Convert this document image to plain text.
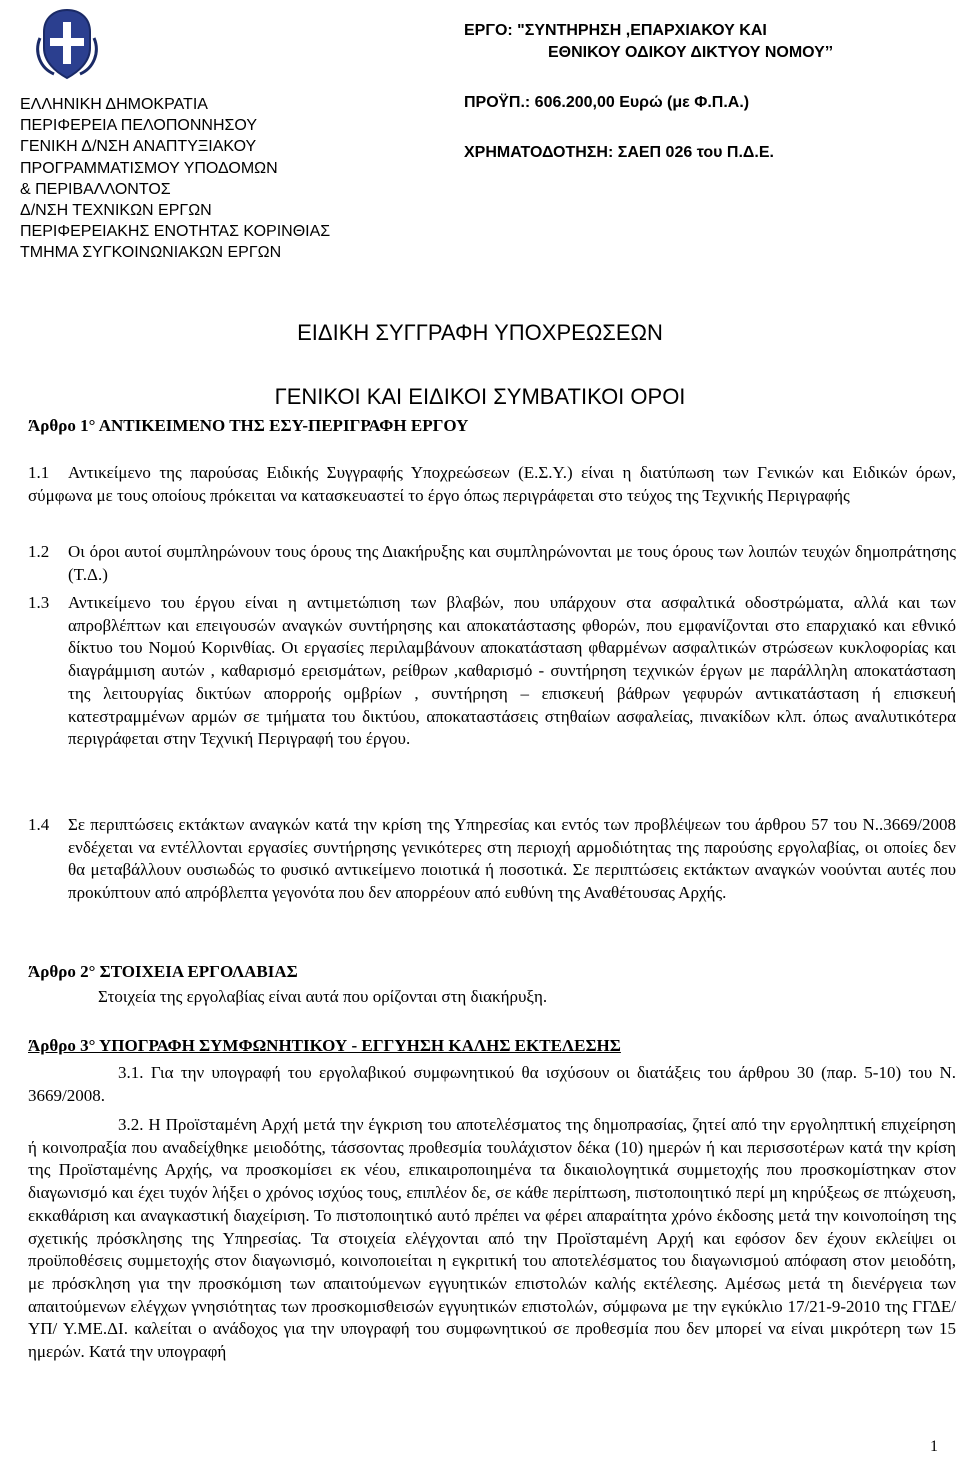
ΕΛΛΗΝΙΚΗ ΔΗΜΟΚΡΑΤΙΑ
ΠΕΡΙΦΕΡΕΙΑ ΠΕΛΟΠΟΝΝΗΣΟΥ
ΓΕΝΙΚΗ Δ/ΝΣΗ ΑΝΑΠΤΥΞΙΑΚΟΥ
ΠΡΟΓΡΑΜΜΑΤΙΣΜΟΥ ΥΠΟΔΟΜΩΝ
& ΠΕΡΙΒΑΛΛΟΝΤΟΣ
Δ/ΝΣΗ ΤΕΧΝΙΚΩΝ ΕΡΓΩΝ
ΠΕΡΙΦΕΡΕΙΑΚΗΣ ΕΝΟΤΗΤΑΣ ΚΟΡΙΝΘΙΑΣ
ΤΜΗΜΑ ΣΥΓΚΟΙΝΩΝΙΑΚΩΝ ΕΡΓΩΝ
ΕΡΓΟ: "ΣΥΝΤΗΡΗΣΗ ,ΕΠΑΡΧΙΑΚΟΥ ΚΑΙ
ΕΘΝΙΚΟΥ ΟΔΙΚΟΥ ΔΙΚΤΥΟΥ ΝΟΜΟΥ’’
ΠΡΟΫΠ.: 606.200,00 Ευρώ (με Φ.Π.Α.)
ΧΡΗΜΑΤΟΔΟΤΗΣΗ: ΣΑΕΠ 026 του Π.Δ.Ε.
ΕΙΔΙΚΗ ΣΥΓΓΡΑΦΗ ΥΠΟΧΡΕΩΣΕΩΝ
ΓΕΝΙΚΟΙ ΚΑΙ ΕΙΔΙΚΟΙ ΣΥΜΒΑΤΙΚΟΙ ΟΡΟΙ
Άρθρο 1° ΑΝΤΙΚΕΙΜΕΝΟ ΤΗΣ ΕΣΥ-ΠΕΡΙΓΡΑΦΗ ΕΡΓΟΥ
1.1	Αντικείμενο της παρούσας Ειδικής Συγγραφής Υποχρεώσεων (Ε.Σ.Υ.) είναι η διατύπωση των Γενικών και Ειδικών όρων, σύμφωνα με τους οποίους πρόκειται να κατασκευαστεί το έργο όπως περιγράφεται στο τεύχος της Τεχνικής Περιγραφής
1.2 Οι όροι αυτοί συμπληρώνουν τους όρους της Διακήρυξης και συμπληρώνονται με τους όρους των λοιπών τευχών δημοπράτησης (Τ.Δ.)
1.3 Αντικείμενο του έργου είναι η αντιμετώπιση των βλαβών, που υπάρχουν στα ασφαλτικά οδοστρώματα, αλλά και των απροβλέπτων και επειγουσών αναγκών συντήρησης και αποκατάστασης φθορών, που εμφανίζονται στο επαρχιακό και εθνικό δίκτυο του Νομού Κορινθίας. Οι εργασίες περιλαμβάνουν αποκατάσταση φθαρμένων ασφαλτικών στρώσεων κυκλοφορίας και διαγράμμιση αυτών , καθαρισμό ερεισμάτων, ρείθρων ,καθαρισμό - συντήρηση τεχνικών έργων με παράλληλη αποκατάσταση της λειτουργίας δικτύων απορροής ομβρίων , συντήρηση – επισκευή βάθρων γεφυρών αντικατάσταση ή επισκευή κατεστραμμένων αρμών σε τμήματα του δικτύου, αποκαταστάσεις στηθαίων ασφαλείας, πινακίδων κλπ. όπως αναλυτικότερα περιγράφεται στην Τεχνική Περιγραφή του έργου.
1.4 Σε περιπτώσεις εκτάκτων αναγκών κατά την κρίση της Υπηρεσίας και εντός των προβλέψεων του άρθρου 57 του Ν..3669/2008 ενδέχεται να εντέλλονται εργασίες συντήρησης γενικότερες στη περιοχή αρμοδιότητας της παρούσης εργολαβίας, οι οποίες δεν θα μεταβάλλουν ουσιωδώς το φυσικό αντικείμενο ποιοτικά ή ποσοτικά. Σε περιπτώσεις εκτάκτων αναγκών νοούνται αυτές που προκύπτουν από απρόβλεπτα γεγονότα που δεν απορρέουν από ευθύνη της Αναθέτουσας Αρχής.
Άρθρο 2° ΣΤΟΙΧΕΙΑ ΕΡΓΟΛΑΒΙΑΣ
Στοιχεία της εργολαβίας είναι αυτά που ορίζονται στη διακήρυξη.
Άρθρο 3° ΥΠΟΓΡΑΦΗ ΣΥΜΦΩΝΗΤΙΚΟΥ - ΕΓΓΥΗΣΗ ΚΑΛΗΣ ΕΚΤΕΛΕΣΗΣ
3.1. Για την υπογραφή του εργολαβικού συμφωνητικού θα ισχύσουν οι διατάξεις του άρθρου 30 (παρ. 5-10) του Ν. 3669/2008.
3.2. Η Προϊσταμένη Αρχή μετά την έγκριση του αποτελέσματος της δημοπρασίας, ζητεί από την εργοληπτική επιχείρηση ή κοινοπραξία που αναδείχθηκε μειοδότης, τάσσοντας προθεσμία τουλάχιστον δέκα (10) ημερών ή και περισσοτέρων κατά την κρίση της Προϊσταμένης Αρχής, να προσκομίσει εκ νέου, επικαιροποιημένα τα δικαιολογητικά συμμετοχής που προσκομίστηκαν στον διαγωνισμό και έχει τυχόν λήξει ο χρόνος ισχύος τους, επιπλέον δε, σε κάθε περίπτωση, πιστοποιητικό περί μη κηρύξεως σε πτώχευση, εκκαθάριση και αναγκαστική διαχείριση. Το πιστοποιητικό αυτό πρέπει να φέρει απαραίτητα χρόνο έκδοσης μετά την κοινοποίηση της σχετικής πρόσκλησης της Υπηρεσίας. Τα στοιχεία ελέγχονται από την Προϊσταμένη Αρχή και εφόσον δεν έχουν εκλείψει οι προϋποθέσεις συμμετοχής στον διαγωνισμό, κοινοποιείται η εγκριτική του αποτελέσματος του διαγωνισμού απόφαση στον μειοδότη, με πρόσκληση για την προσκόμιση των απαιτούμενων εγγυητικών επιστολών καλής εκτέλεσης. Αμέσως μετά τη διενέργεια των απαιτούμενων ελέγχων γνησιότητας των προσκομισθεισών εγγυητικών επιστολών, σύμφωνα με την εγκύκλιο 17/21-9-2010 της ΓΓΔΕ/ΥΠ/ Υ.ΜΕ.ΔΙ. καλείται ο ανάδοχος για την υπογραφή του συμφωνητικού σε προθεσμία που δεν μπορεί να είναι μικρότερη των 15 ημερών. Κατά την υπογραφή
1
